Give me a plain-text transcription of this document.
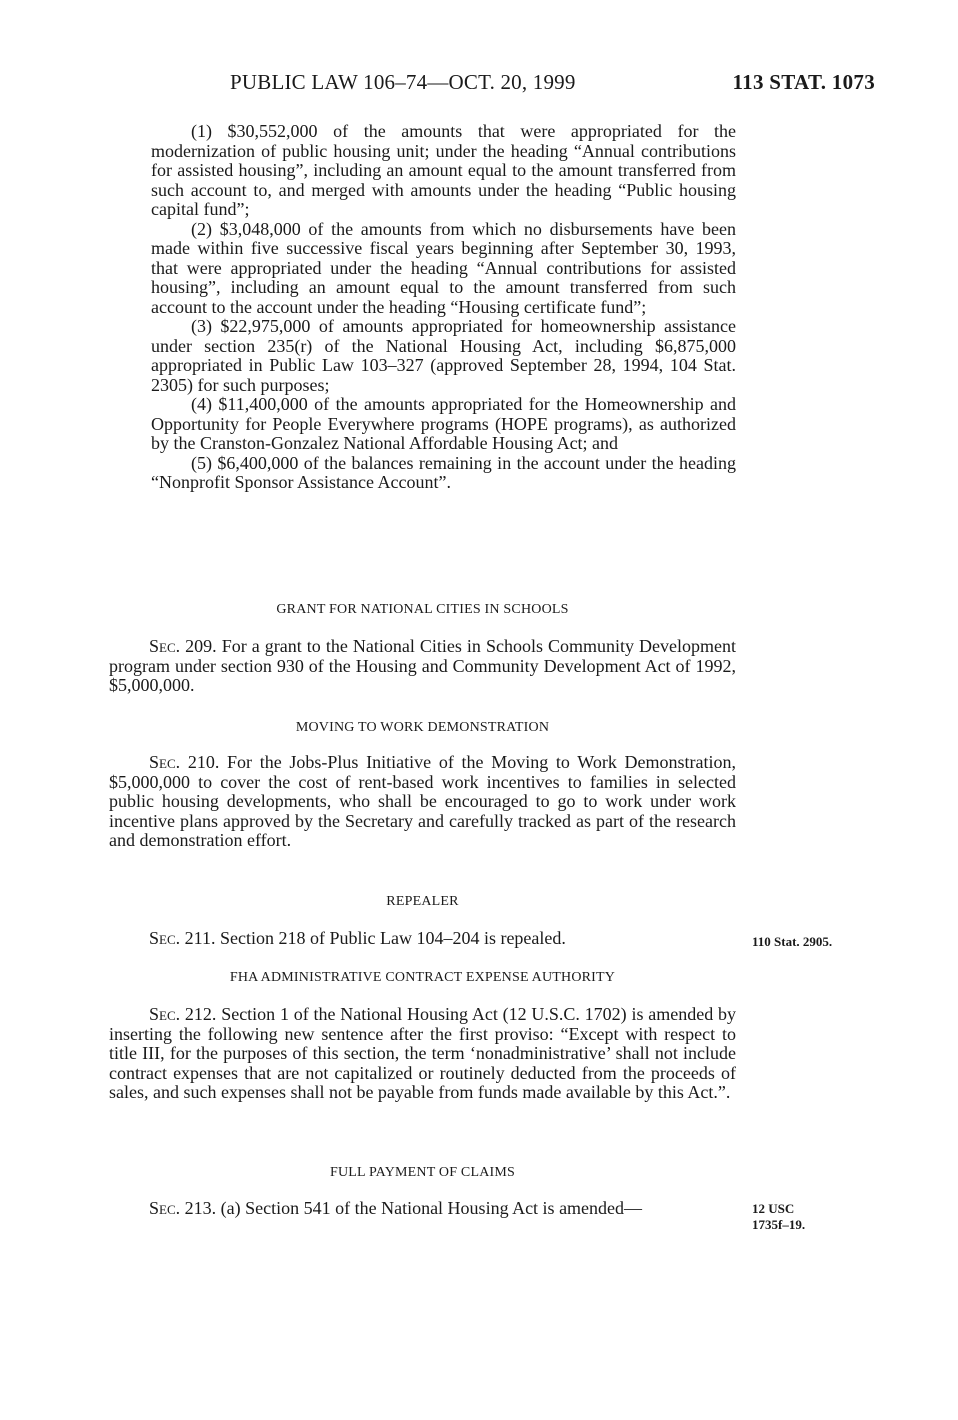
PUBLIC LAW 106–74—OCT. 20, 1999	113 STAT. 1073

(1) $30,552,000 of the amounts that were appropriated for the modernization of public housing unit; under the heading “Annual contributions for assisted housing”, including an amount equal to the amount transferred from such account to, and merged with amounts under the heading “Public housing capital fund”;

(2) $3,048,000 of the amounts from which no disbursements have been made within five successive fiscal years beginning after September 30, 1993, that were appropriated under the heading “Annual contributions for assisted housing”, including an amount equal to the amount transferred from such account to the account under the heading “Housing certificate fund”;

(3) $22,975,000 of amounts appropriated for homeownership assistance under section 235(r) of the National Housing Act, including $6,875,000 appropriated in Public Law 103–327 (approved September 28, 1994, 104 Stat. 2305) for such purposes;

(4) $11,400,000 of the amounts appropriated for the Homeownership and Opportunity for People Everywhere programs (HOPE programs), as authorized by the Cranston-Gonzalez National Affordable Housing Act; and

(5) $6,400,000 of the balances remaining in the account under the heading “Nonprofit Sponsor Assistance Account”.

GRANT FOR NATIONAL CITIES IN SCHOOLS

Sec. 209. For a grant to the National Cities in Schools Community Development program under section 930 of the Housing and Community Development Act of 1992, $5,000,000.

MOVING TO WORK DEMONSTRATION

Sec. 210. For the Jobs-Plus Initiative of the Moving to Work Demonstration, $5,000,000 to cover the cost of rent-based work incentives to families in selected public housing developments, who shall be encouraged to go to work under work incentive plans approved by the Secretary and carefully tracked as part of the research and demonstration effort.

REPEALER

Sec. 211. Section 218 of Public Law 104–204 is repealed.	110 Stat. 2905.
FHA ADMINISTRATIVE CONTRACT EXPENSE AUTHORITY

Sec. 212. Section 1 of the National Housing Act (12 U.S.C. 1702) is amended by inserting the following new sentence after the first proviso: “Except with respect to title III, for the purposes of this section, the term ‘nonadministrative’ shall not include contract expenses that are not capitalized or routinely deducted from the proceeds of sales, and such expenses shall not be payable from funds made available by this Act.”.

FULL PAYMENT OF CLAIMS

Sec. 213. (a) Section 541 of the National Housing Act is amended—	12 USC
1735f–19.
